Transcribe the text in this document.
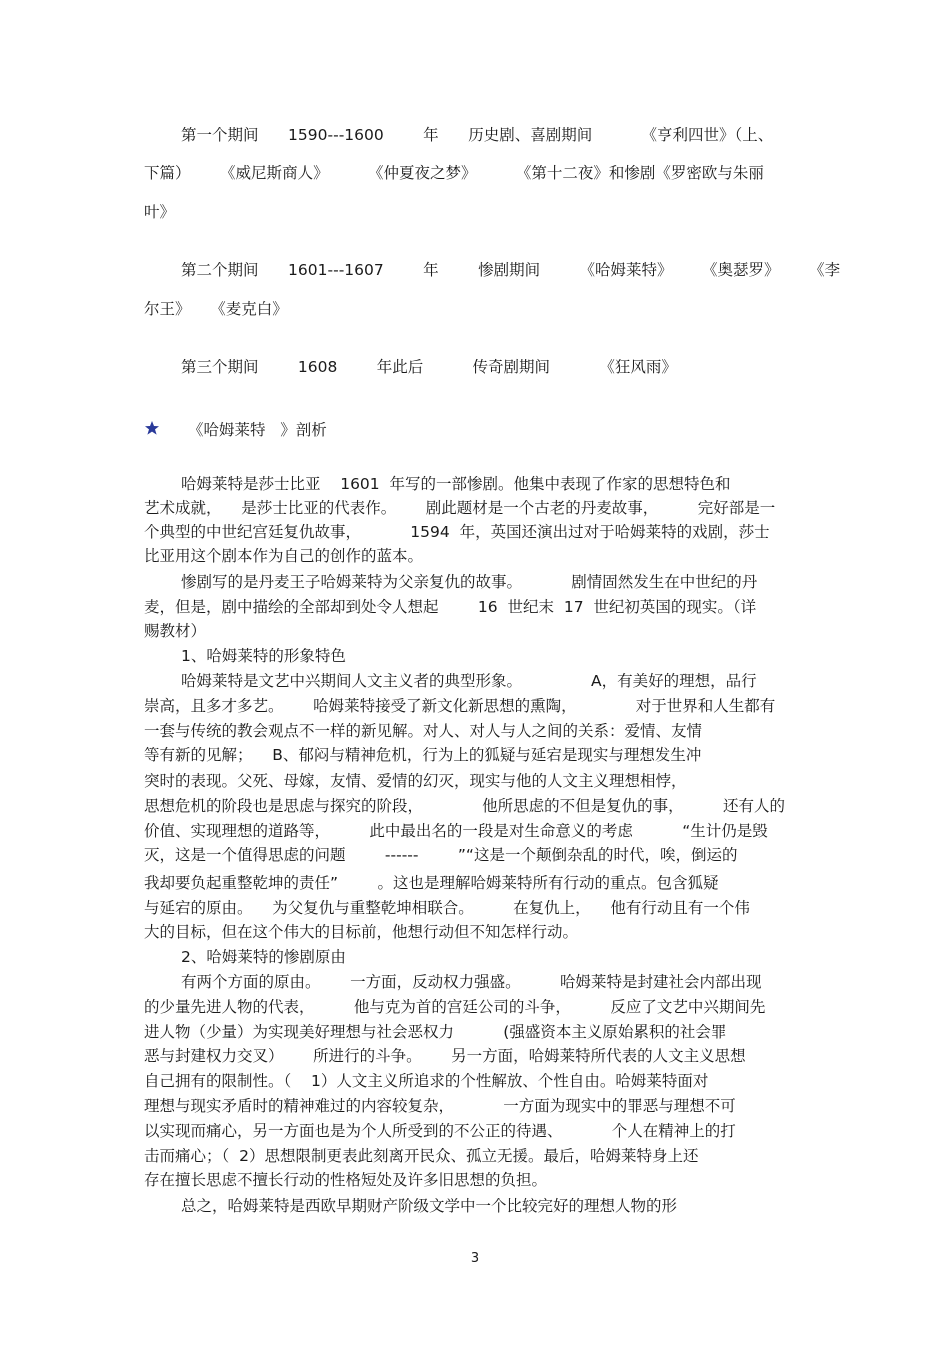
第一个期间      1590---1600        年      历史剧、喜剧期间          《亨利四世》（上、
下篇）      《威尼斯商人》        《仲夏夜之梦》        《第十二夜》和惨剧《罗密欧与朱丽
叶》
第二个期间      1601---1607        年        惨剧期间        《哈姆莱特》      《奥瑟罗》      《李
尔王》    《麦克白》
第三个期间        1608        年此后          传奇剧期间          《狂风雨》
《哈姆莱特   》剖析
哈姆莱特是莎士比亚    1601  年写的一部惨剧。他集中表现了作家的思想特色和
艺术成就，    是莎士比亚的代表作。      剧此题材是一个古老的丹麦故事，        完好部是一
个典型的中世纪宫廷复仇故事，          1594  年，英国还演出过对于哈姆莱特的戏剧，莎士
比亚用这个剧本作为自己的创作的蓝本。
惨剧写的是丹麦王子哈姆莱特为父亲复仇的故事。          剧情固然发生在中世纪的丹
麦，但是，剧中描绘的全部却到处令人想起        16  世纪末  17  世纪初英国的现实。（详
赐教材）
1、哈姆莱特的形象特色
哈姆莱特是文艺中兴期间人文主义者的典型形象。              A，有美好的理想，品行
崇高，且多才多艺。      哈姆莱特接受了新文化新思想的熏陶，            对于世界和人生都有
一套与传统的教会观点不一样的新见解。对人、对人与人之间的关系：爱情、友情
等有新的见解；    B、郁闷与精神危机，行为上的狐疑与延宕是现实与理想发生冲
突时的表现。父死、母嫁，友情、爱情的幻灭，现实与他的人文主义理想相悖，
思想危机的阶段也是思虑与探究的阶段，            他所思虑的不但是复仇的事，        还有人的
价值、实现理想的道路等，        此中最出名的一段是对生命意义的考虑          “生计仍是毁
灭，这是一个值得思虑的问题        ------        ”“这是一个颠倒杂乱的时代，唉，倒运的
我却要负起重整乾坤的责任”        。这也是理解哈姆莱特所有行动的重点。包含狐疑
与延宕的原由。    为父复仇与重整乾坤相联合。        在复仇上，    他有行动且有一个伟
大的目标，但在这个伟大的目标前，他想行动但不知怎样行动。
2、哈姆莱特的惨剧原由
有两个方面的原由。      一方面，反动权力强盛。        哈姆莱特是封建社会内部出现
的少量先进人物的代表，        他与克为首的宫廷公司的斗争，        反应了文艺中兴期间先
进人物（少量）为实现美好理想与社会恶权力          (强盛资本主义原始累积的社会罪
恶与封建权力交叉）      所进行的斗争。      另一方面，哈姆莱特所代表的人文主义思想
自己拥有的限制性。（    1）人文主义所追求的个性解放、个性自由。哈姆莱特面对
理想与现实矛盾时的精神难过的内容较复杂，          一方面为现实中的罪恶与理想不可
以实现而痛心，另一方面也是为个人所受到的不公正的待遇、          个人在精神上的打
击而痛心；（  2）思想限制更表此刻离开民众、孤立无援。最后，哈姆莱特身上还
存在擅长思虑不擅长行动的性格短处及许多旧思想的负担。
总之，哈姆莱特是西欧早期财产阶级文学中一个比较完好的理想人物的形
3
